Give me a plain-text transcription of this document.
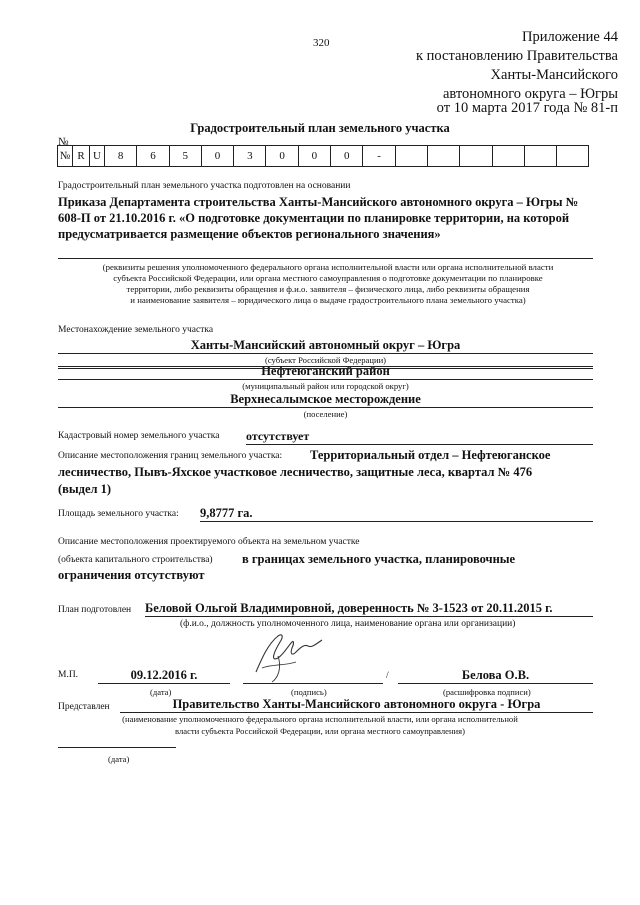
320	Приложение 44
к постановлению Правительства
Ханты-Мансийского
автономного округа – Югры
от 10 марта 2017 года № 81-п
Градостроительный план земельного участка
№
№	R	U	8	6	5	0	3	0	0	0	-						
Градостроительный план земельного участка подготовлен на основании
Приказа Департамента строительства Ханты-Мансийского автономного округа – Югры № 608-П от 21.10.2016 г. «О подготовке документации по планировке территории, на которой предусматривается размещение объектов регионального значения»
(реквизиты решения уполномоченного федерального органа исполнительной власти или органа исполнительной власти
субъекта Российской Федерации, или органа местного самоуправления о подготовке документации по планировке
территории, либо реквизиты обращения и ф.и.о. заявителя – физического лица, либо реквизиты обращения
и наименование заявителя – юридического лица о выдаче градостроительного плана земельного участка)
Местонахождение земельного участка
Ханты-Мансийский автономный округ – Югра
(субъект Российской Федерации)
Нефтеюганский район
(муниципальный район или городской округ)
Верхнесалымское месторождение
(поселение)
Кадастровый номер земельного участка отсутствует
Описание местоположения границ земельного участка: Территориальный отдел – Нефтеюганское
лесничество, Пывъ-Яхское участковое лесничество, защитные леса, квартал № 476
(выдел 1)
Площадь земельного участка: 9,8777 га.
Описание местоположения проектируемого объекта на земельном участке
(объекта капитального строительства) в границах земельного участка, планировочные
ограничения отсутствуют
План подготовлен Беловой Ольгой Владимировной, доверенность № 3-1523 от 20.11.2015 г.
(ф.и.о., должность уполномоченного лица, наименование органа или организации)
М.П.	09.12.2016 г.
(дата)	(подпись)
/	Белова О.В.
(расшифровка подписи)
Представлен	Правительство Ханты-Мансийского автономного округа - Югра
(наименование уполномоченного федерального органа исполнительной власти, или органа исполнительной
власти субъекта Российской Федерации, или органа местного самоуправления)
(дата)
